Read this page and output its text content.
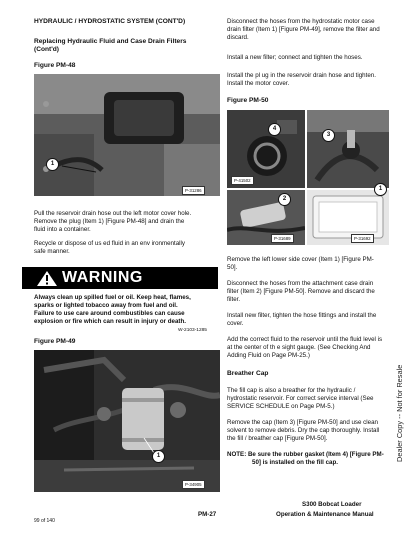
HYDRAULIC / HYDROSTATIC SYSTEM (CONT'D)
Replacing Hydraulic Fluid and Case Drain Filters
(Cont'd)
Figure PM-48
1
P-31286
Pull the reservoir drain hose out the left motor cover hole.
Remove the plug (Item 1) [Figure PM-48] and drain the
fluid into a container.
Recycle or dispose of us ed fluid in an env ironmentally
safe manner.
WARNING
Always clean up spilled fuel or oil. Keep heat, flames,
sparks or lighted tobacco away from fuel and oil.
Failure to use care around combustibles can cause
explosion or fire which can result in injury or death.
W-2103-1285
Figure PM-49
1
P-34905
Disconnect the hoses from the hydrostatic motor case
drain filter (Item 1) [Figure PM-49], remove the filter and
discard.
Install a new filter; connect and tighten the hoses.
Install the pl ug in the reservoir drain hose and tighten.
Install the motor cover.
Figure PM-50
4
3
2
1
P-41502
P-31689	P-31692
Remove the left lower side cover (Item 1) [Figure PM-
50].
Disconnect the hoses from the attachment case drain
filter (Item 2) [Figure PM-50]. Remove and discard the
filter.
Install new filter, tighten the hose fittings and install the
cover.
Add the correct fluid to the reservoir until the fluid level is
at the center of th e sight gauge. (See Checking And
Adding Fluid on Page PM-25.)
Breather Cap
The fill cap is also a breather for the hydraulic /
hydrostatic reservoir. For correct service interval (See
SERVICE SCHEDULE on Page PM-5.)
Remove the cap (Item 3) [Figure PM-50] and use clean
solvent to remove debris. Dry the cap thoroughly. Install
the fill / breather cap [Figure PM-50].
NOTE: Be sure the rubber gasket (Item 4) [Figure PM-
50] is installed on the fill cap.
Dealer Copy -- Not for Resale
S300 Bobcat Loader
99 of 140
PM-27	Operation & Maintenance Manual
